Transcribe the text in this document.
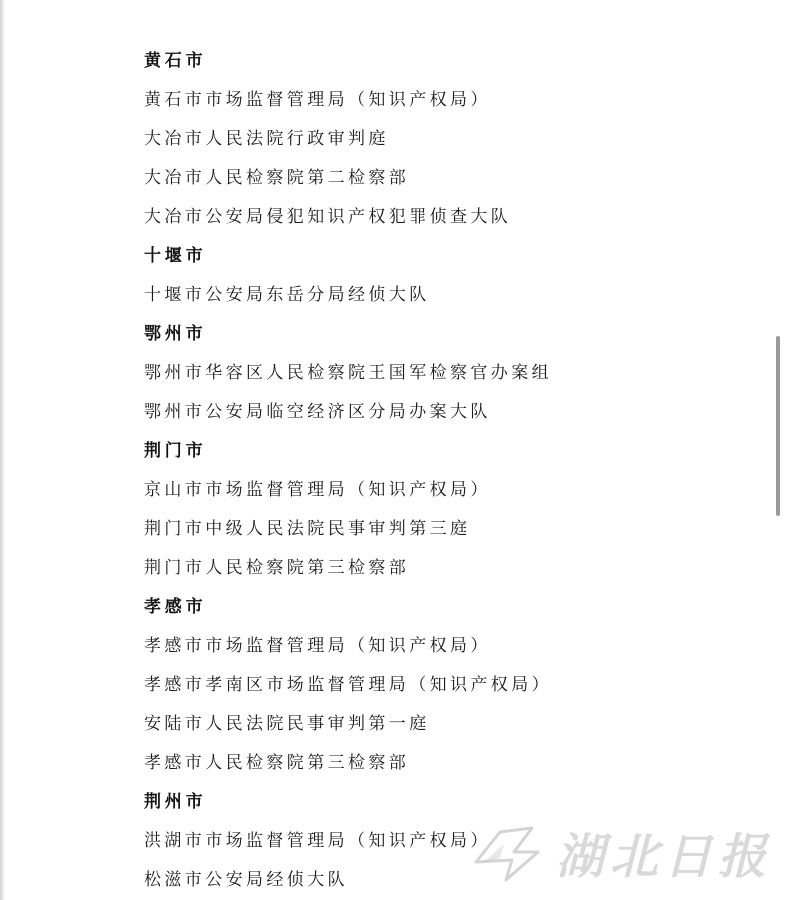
黄石市
黄石市市场监督管理局（知识产权局）
大冶市人民法院行政审判庭
大冶市人民检察院第二检察部
大冶市公安局侵犯知识产权犯罪侦查大队
十堰市
十堰市公安局东岳分局经侦大队
鄂州市
鄂州市华容区人民检察院王国军检察官办案组
鄂州市公安局临空经济区分局办案大队
荆门市
京山市市场监督管理局（知识产权局）
荆门市中级人民法院民事审判第三庭
荆门市人民检察院第三检察部
孝感市
孝感市市场监督管理局（知识产权局）
孝感市孝南区市场监督管理局（知识产权局）
安陆市人民法院民事审判第一庭
孝感市人民检察院第三检察部
荆州市
洪湖市市场监督管理局（知识产权局）
松滋市公安局经侦大队	湖北日报
